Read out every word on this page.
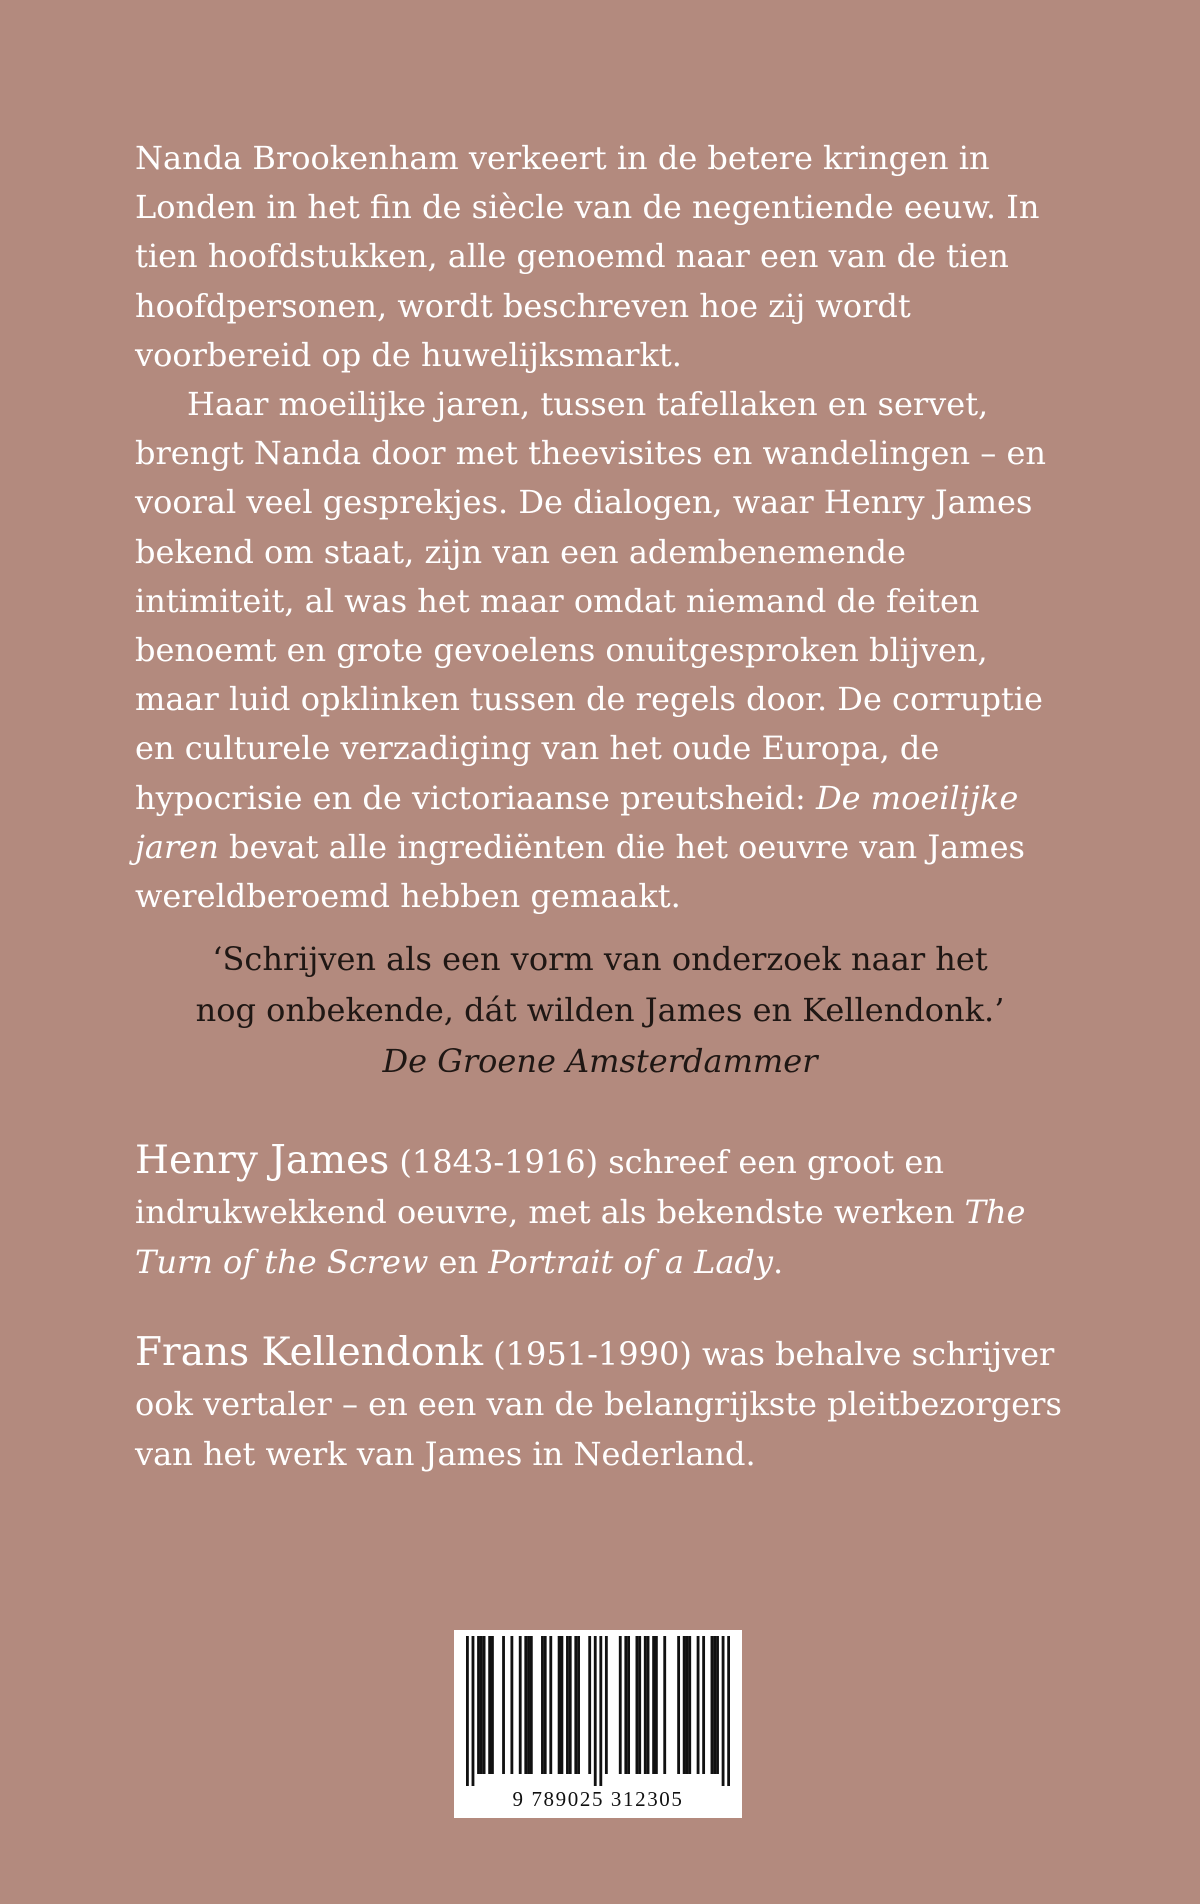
Nanda Brookenham verkeert in de betere kringen in Londen in het fin de siècle van de negentiende eeuw. In tien hoofdstukken, alle genoemd naar een van de tien hoofdpersonen, wordt beschreven hoe zij wordt voorbereid op de huwelijksmarkt.

Haar moeilijke jaren, tussen tafellaken en servet, brengt Nanda door met theevisites en wandelingen – en vooral veel gesprekjes. De dialogen, waar Henry James bekend om staat, zijn van een adembenemende intimiteit, al was het maar omdat niemand de feiten benoemt en grote gevoelens onuitgesproken blijven, maar luid opklinken tussen de regels door. De corruptie en culturele verzadiging van het oude Europa, de hypocrisie en de victoriaanse preutsheid: De moeilijke jaren bevat alle ingrediënten die het oeuvre van James wereldberoemd hebben gemaakt.

‘Schrijven als een vorm van onderzoek naar het
nog onbekende, dát wilden James en Kellendonk.’
De Groene Amsterdammer

Henry James (1843-1916) schreef een groot en indrukwekkend oeuvre, met als bekendste werken The Turn of the Screw en Portrait of a Lady.

Frans Kellendonk (1951-1990) was behalve schrijver ook vertaler – en een van de belangrijkste pleitbezorgers van het werk van James in Nederland.

9 789025 312305
